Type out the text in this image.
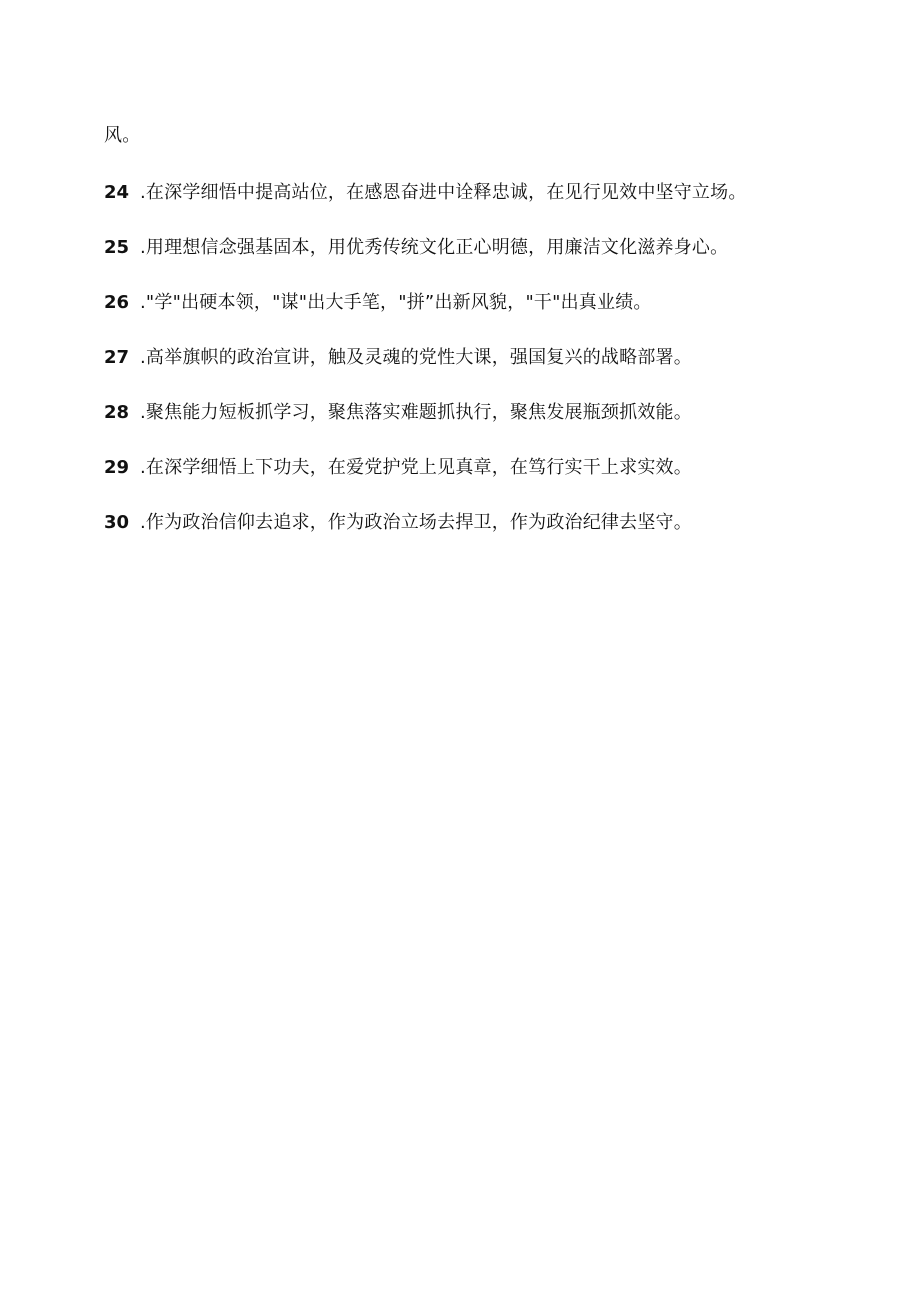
风。
24 .在深学细悟中提高站位，在感恩奋进中诠释忠诚，在见行见效中坚守立场。
25 .用理想信念强基固本，用优秀传统文化正心明德，用廉洁文化滋养身心。
26 ."学"出硬本领，"谋"出大手笔，"拼”出新风貌，"干"出真业绩。
27 .高举旗帜的政治宣讲，触及灵魂的党性大课，强国复兴的战略部署。
28 .聚焦能力短板抓学习，聚焦落实难题抓执行，聚焦发展瓶颈抓效能。
29 .在深学细悟上下功夫，在爱党护党上见真章，在笃行实干上求实效。
30 .作为政治信仰去追求，作为政治立场去捍卫，作为政治纪律去坚守。
